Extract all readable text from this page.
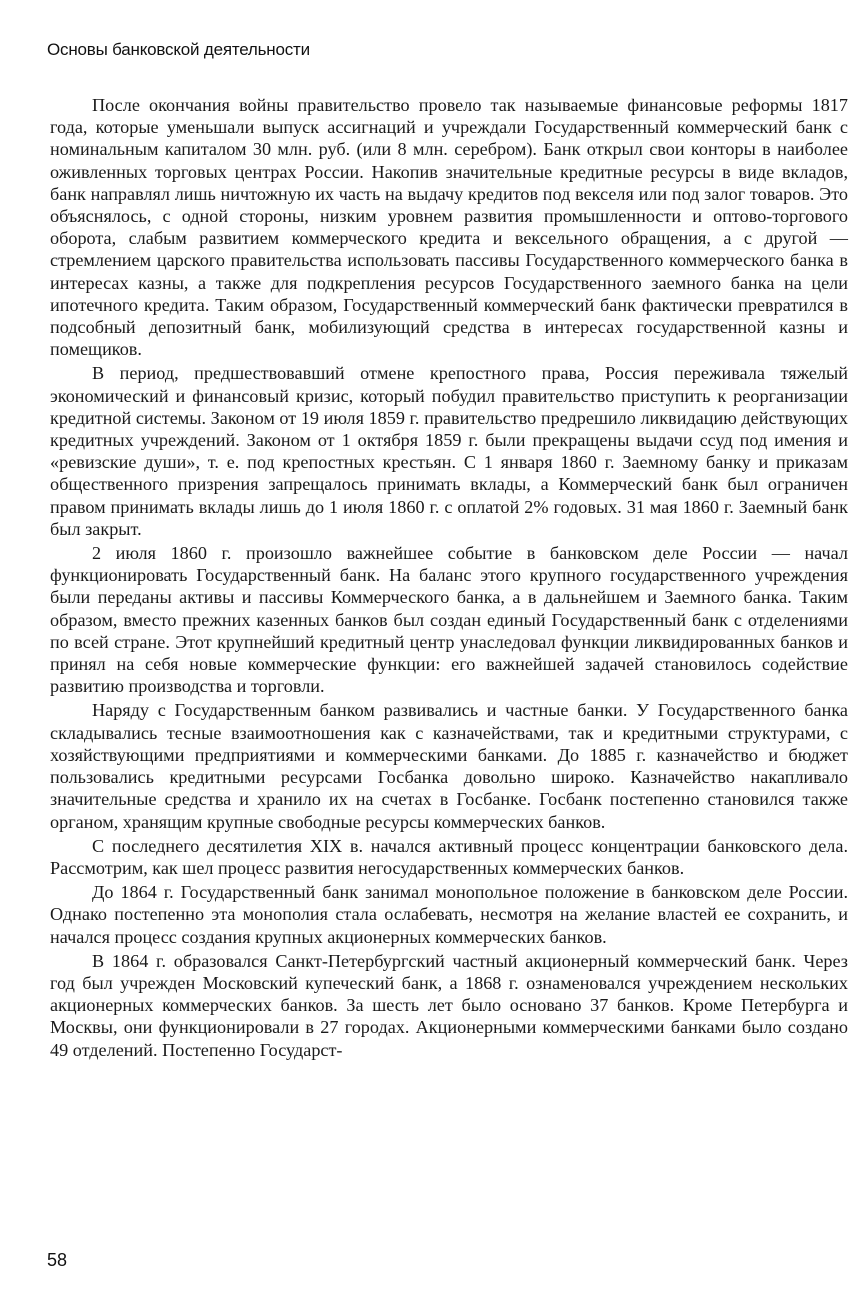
Основы банковской деятельности

После окончания войны правительство провело так называемые финансовые реформы 1817 года, которые уменьшали выпуск ассигнаций и учреждали Государственный коммерческий банк с номинальным капиталом 30 млн. руб. (или 8 млн. серебром). Банк открыл свои конторы в наиболее оживленных торговых центрах России. Накопив значительные кредитные ресурсы в виде вкладов, банк направлял лишь ничтожную их часть на выдачу кредитов под векселя или под залог товаров. Это объяснялось, с одной стороны, низким уровнем развития промышленности и оптово-торгового оборота, слабым развитием коммерческого кредита и вексельного обращения, а с другой — стремлением царского правительства использовать пассивы Государственного коммерческого банка в интересах казны, а также для подкрепления ресурсов Государственного заемного банка на цели ипотечного кредита. Таким образом, Государственный коммерческий банк фактически превратился в подсобный депозитный банк, мобилизующий средства в интересах государственной казны и помещиков.

В период, предшествовавший отмене крепостного права, Россия переживала тяжелый экономический и финансовый кризис, который побудил правительство приступить к реорганизации кредитной системы. Законом от 19 июля 1859 г. правительство предрешило ликвидацию действующих кредитных учреждений. Законом от 1 октября 1859 г. были прекращены выдачи ссуд под имения и «ревизские души», т. е. под крепостных крестьян. С 1 января 1860 г. Заемному банку и приказам общественного призрения запрещалось принимать вклады, а Коммерческий банк был ограничен правом принимать вклады лишь до 1 июля 1860 г. с оплатой 2% годовых. 31 мая 1860 г. Заемный банк был закрыт.

2 июля 1860 г. произошло важнейшее событие в банковском деле России — начал функционировать Государственный банк. На баланс этого крупного государственного учреждения были переданы активы и пассивы Коммерческого банка, а в дальнейшем и Заемного банка. Таким образом, вместо прежних казенных банков был создан единый Государственный банк с отделениями по всей стране. Этот крупнейший кредитный центр унаследовал функции ликвидированных банков и принял на себя новые коммерческие функции: его важнейшей задачей становилось содействие развитию производства и торговли.

Наряду с Государственным банком развивались и частные банки. У Государственного банка складывались тесные взаимоотношения как с казначействами, так и кредитными структурами, с хозяйствующими предприятиями и коммерческими банками. До 1885 г. казначейство и бюджет пользовались кредитными ресурсами Госбанка довольно широко. Казначейство накапливало значительные средства и хранило их на счетах в Госбанке. Госбанк постепенно становился также органом, хранящим крупные свободные ресурсы коммерческих банков.

С последнего десятилетия XIX в. начался активный процесс концентрации банковского дела. Рассмотрим, как шел процесс развития негосударственных коммерческих банков.

До 1864 г. Государственный банк занимал монопольное положение в банковском деле России. Однако постепенно эта монополия стала ослабевать, несмотря на желание властей ее сохранить, и начался процесс создания крупных акционерных коммерческих банков.

В 1864 г. образовался Санкт-Петербургский частный акционерный коммерческий банк. Через год был учрежден Московский купеческий банк, а 1868 г. ознаменовался учреждением нескольких акционерных коммерческих банков. За шесть лет было основано 37 банков. Кроме Петербурга и Москвы, они функционировали в 27 городах. Акционерными коммерческими банками было создано 49 отделений. Постепенно Государст-

58
